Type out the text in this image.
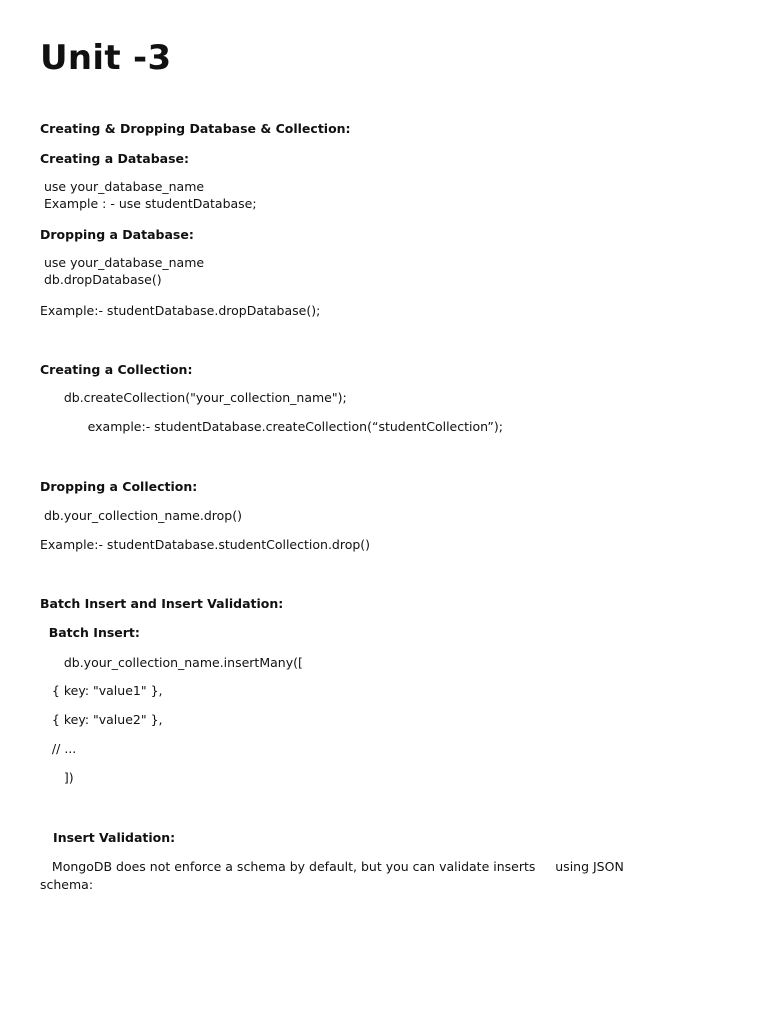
Unit -3
Creating & Dropping Database & Collection:
Creating a Database:
use your_database_name
Example : - use studentDatabase;
Dropping a Database:
use your_database_name
db.dropDatabase()
Example:- studentDatabase.dropDatabase();
Creating a Collection:
db.createCollection("your_collection_name");
example:- studentDatabase.createCollection(“studentCollection”);
Dropping a Collection:
db.your_collection_name.drop()
Example:- studentDatabase.studentCollection.drop()
Batch Insert and Insert Validation:
Batch Insert:
db.your_collection_name.insertMany([
{ key: "value1" },
{ key: "value2" },
// ...
])
Insert Validation:
MongoDB does not enforce a schema by default, but you can validate inserts     using JSON
schema:
